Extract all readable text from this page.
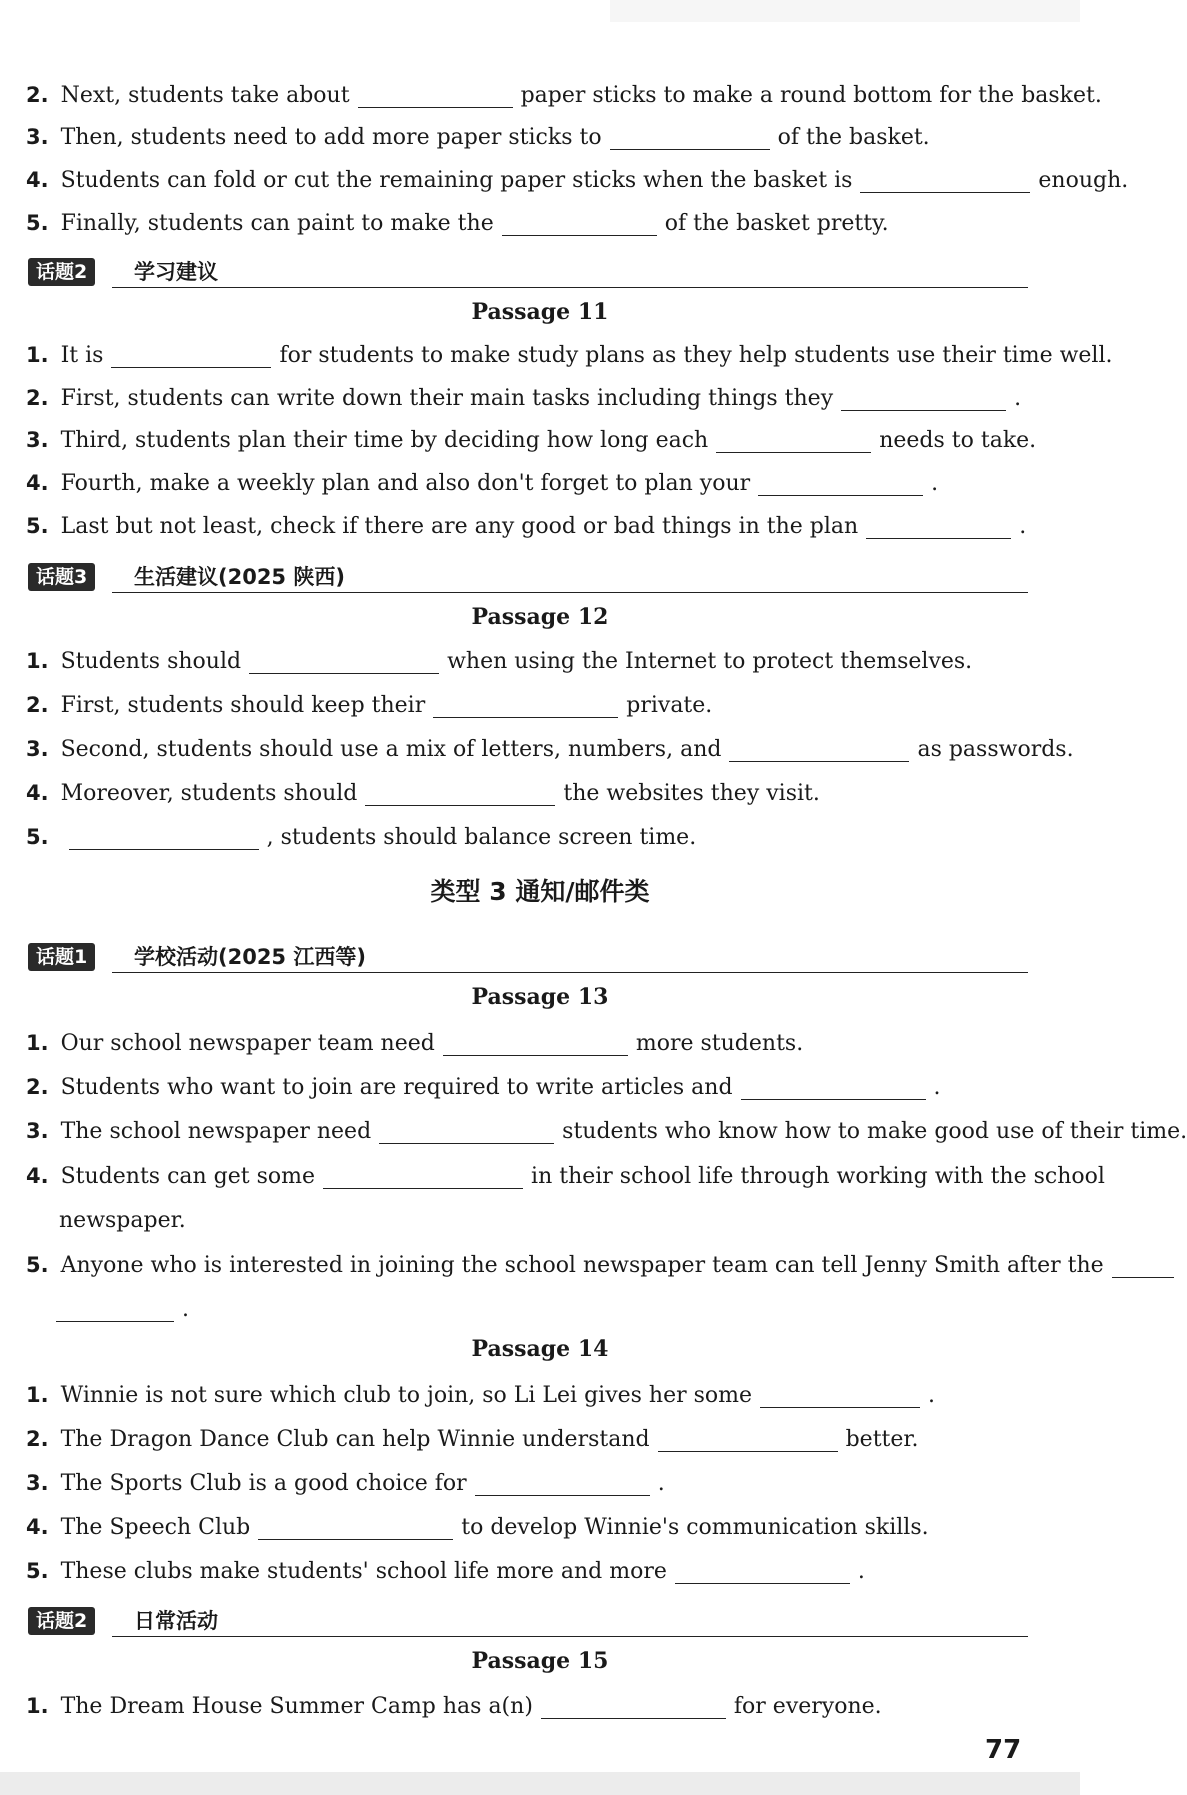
2. Next, students take about	paper sticks to make a round bottom for the basket.
3. Then, students need to add more paper sticks to	of the basket.
4. Students can fold or cut the remaining paper sticks when the basket is	enough.
5. Finally, students can paint to make the	of the basket pretty.
话题2	学习建议
Passage 11
1. It is	for students to make study plans as they help students use their time well.
2. First, students can write down their main tasks including things they	.
3. Third, students plan their time by deciding how long each	needs to take.
4. Fourth, make a weekly plan and also don't forget to plan your	.
5. Last but not least, check if there are any good or bad things in the plan	.
话题3	生活建议(2025 陕西)
Passage 12
1. Students should	when using the Internet to protect themselves.
2. First, students should keep their	private.
3. Second, students should use a mix of letters, numbers, and	as passwords.
4. Moreover, students should	the websites they visit.
5.	, students should balance screen time.
类型 3 通知/邮件类
话题1	学校活动(2025 江西等)
Passage 13
1. Our school newspaper team need	more students.
2. Students who want to join are required to write articles and	.
3. The school newspaper need	students who know how to make good use of their time.
4. Students can get some	in their school life through working with the school
newspaper.
5. Anyone who is interested in joining the school newspaper team can tell Jenny Smith after the
.
Passage 14
1. Winnie is not sure which club to join, so Li Lei gives her some	.
2. The Dragon Dance Club can help Winnie understand	better.
3. The Sports Club is a good choice for	.
4. The Speech Club	to develop Winnie's communication skills.
5. These clubs make students' school life more and more	.
话题2	日常活动
Passage 15
1. The Dream House Summer Camp has a(n)	for everyone.
77
